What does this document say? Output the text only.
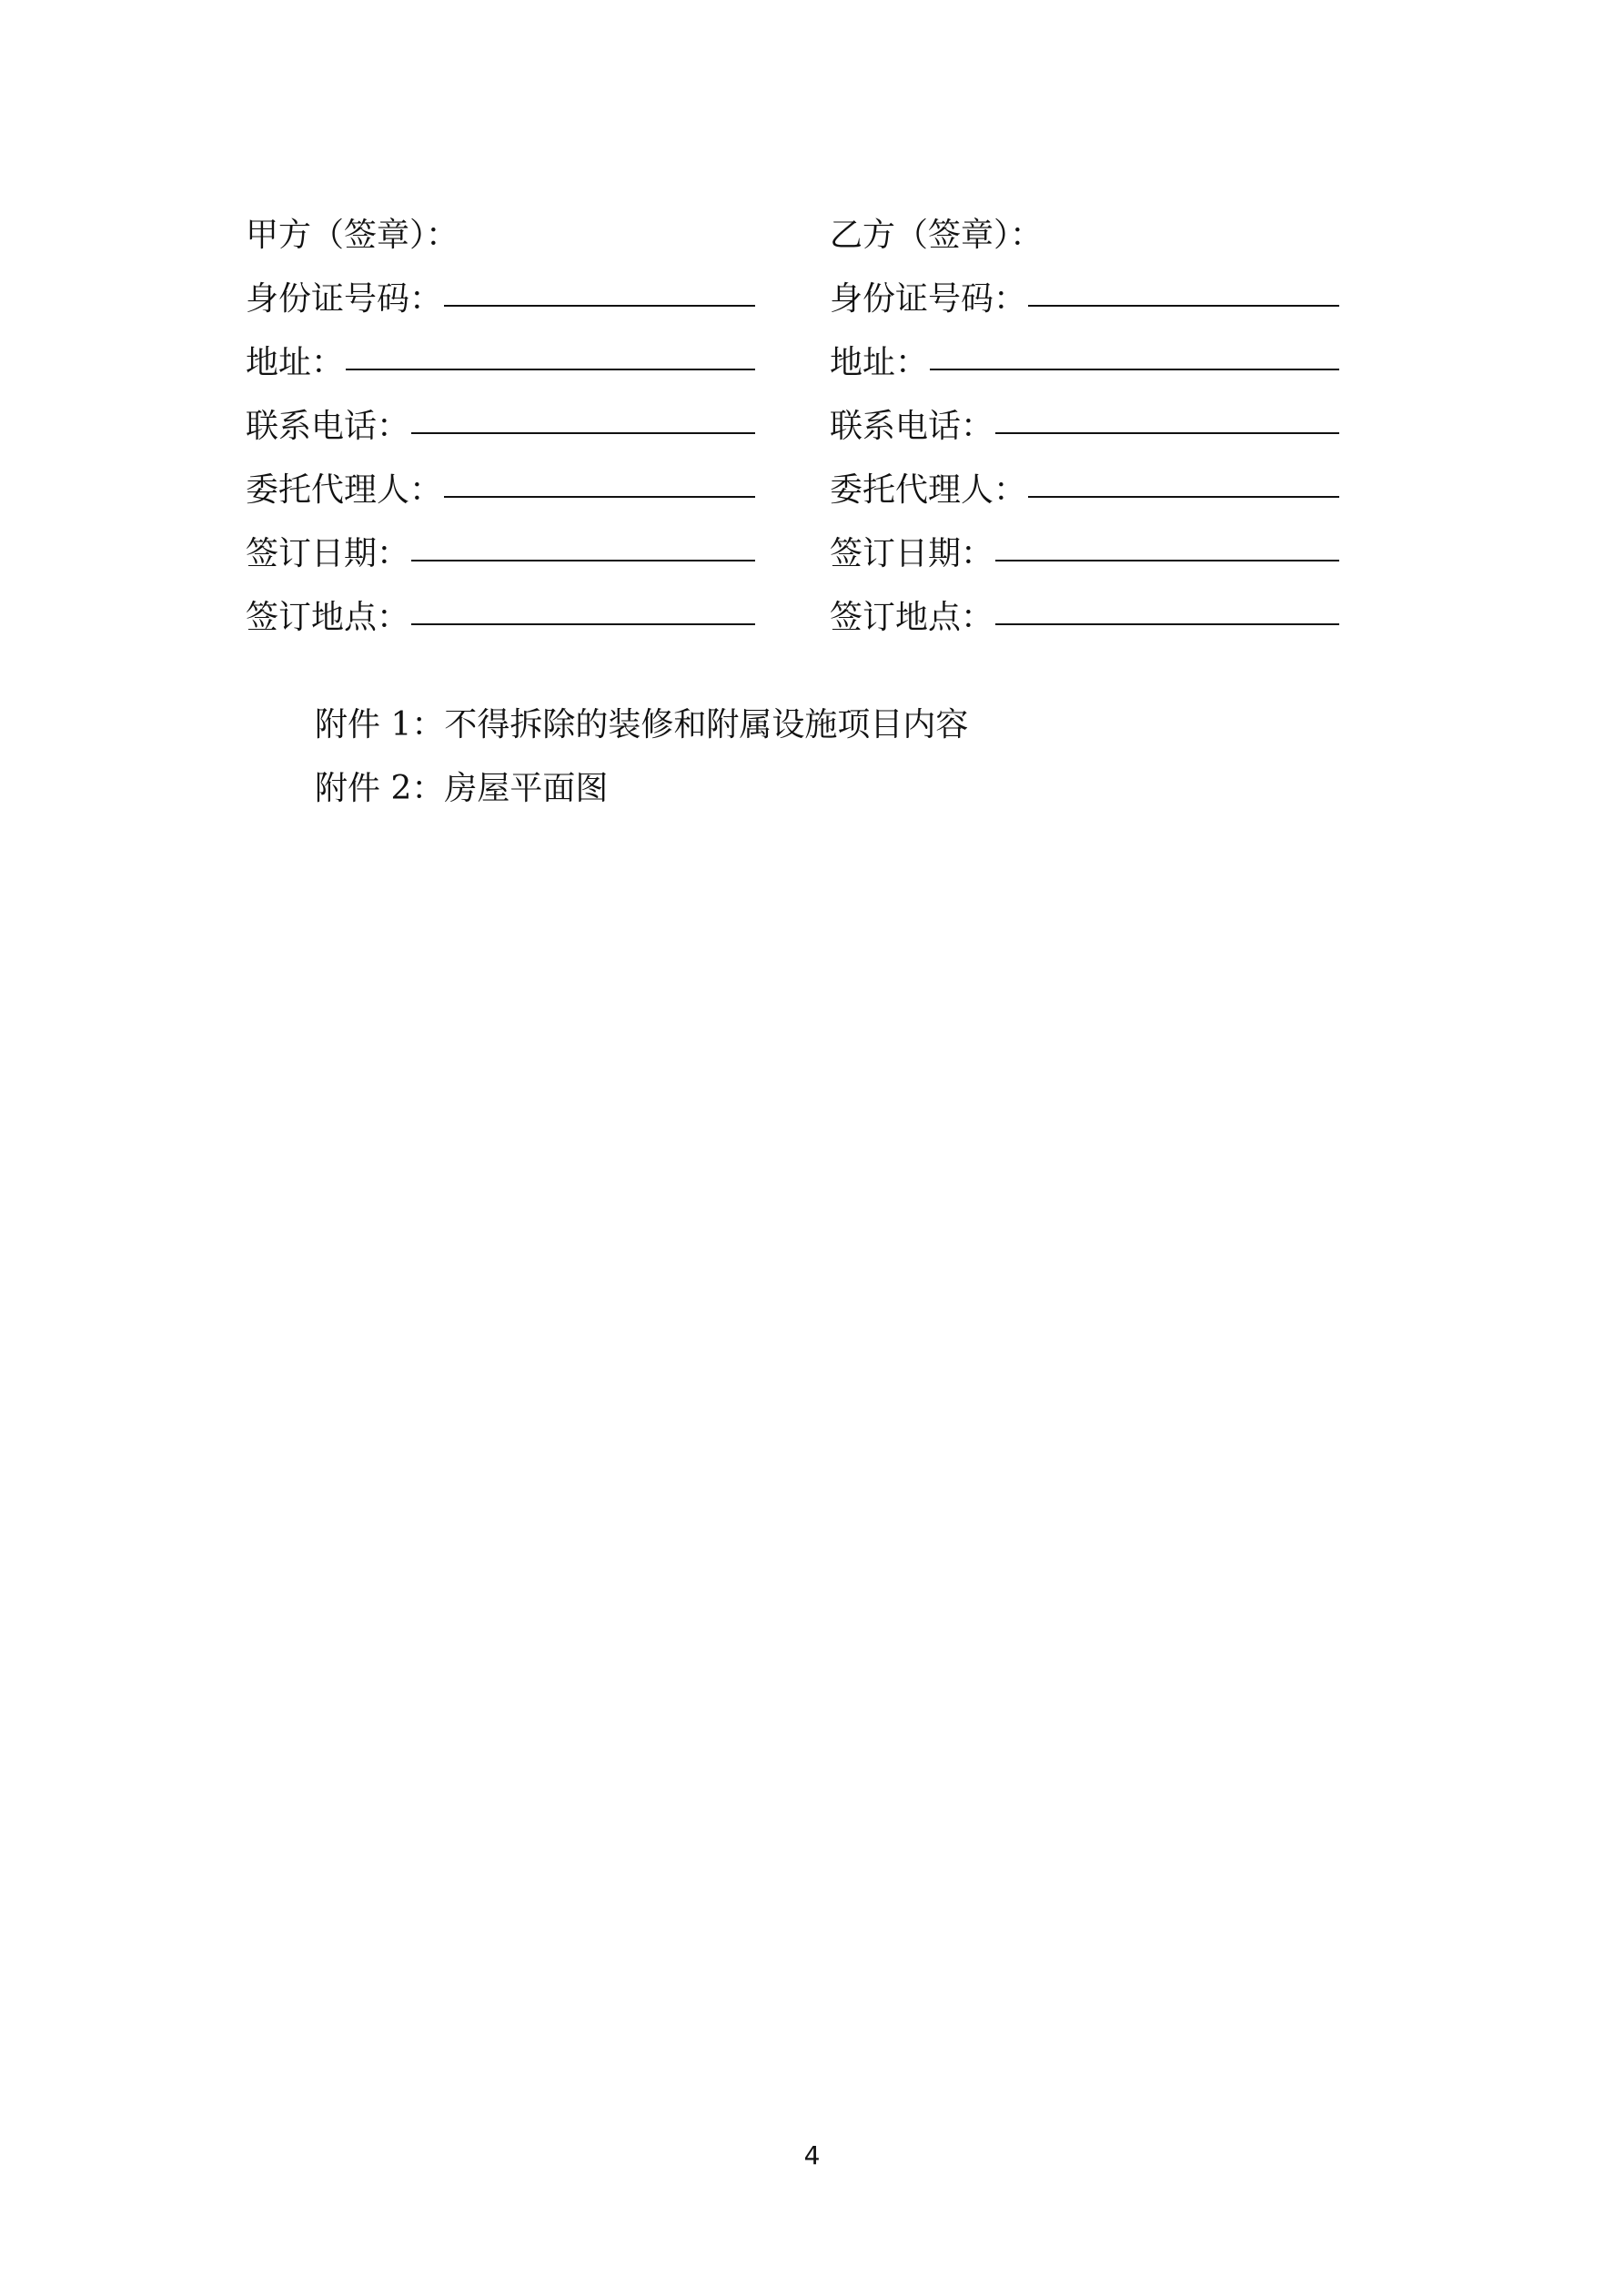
甲方（签章）：
身份证号码：
地址：
联系电话：
委托代理人：
签订日期：
签订地点：
乙方（签章）：
身份证号码：
地址：
联系电话：
委托代理人：
签订日期：
签订地点：
附件 1：不得拆除的装修和附属设施项目内容
附件 2：房屋平面图
4
